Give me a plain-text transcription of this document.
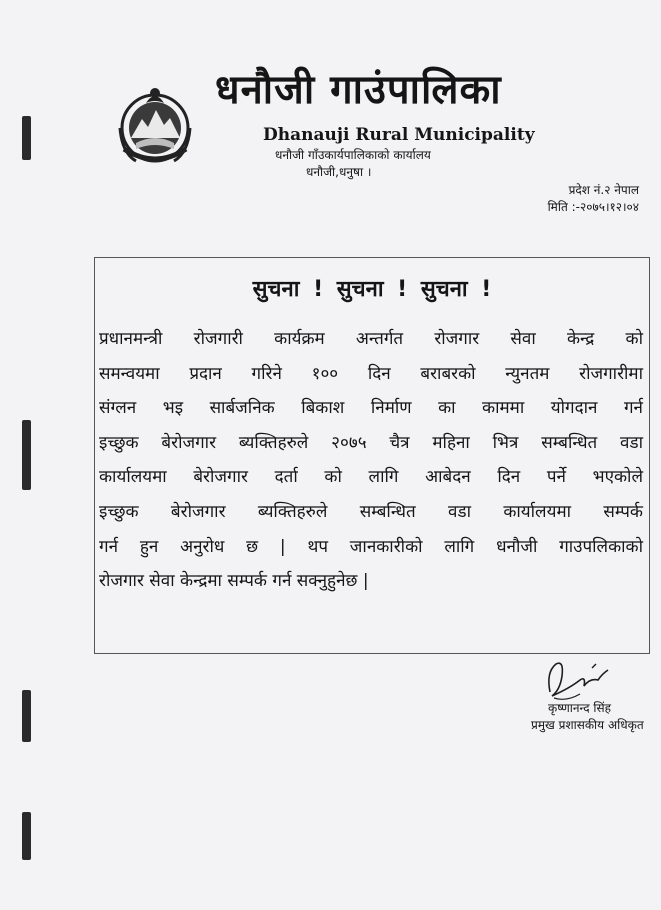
धनौजी गाउंपालिका
Dhanauji Rural Municipality
धनौजी गाँउकार्यपालिकाको कार्यालय
धनौजी,धनुषा ।
प्रदेश नं.२ नेपाल
मिति :-२०७५।१२।०४
सुचना ! सुचना ! सुचना !
प्रधानमन्त्री रोजगारी कार्यक्रम अन्तर्गत रोजगार सेवा केन्द्र को
समन्वयमा प्रदान गरिने १०० दिन बराबरको न्युनतम रोजगारीमा
संग्लन भइ सार्बजनिक बिकाश निर्माण का काममा योगदान गर्न
इच्छुक बेरोजगार ब्यक्तिहरुले २०७५ चैत्र महिना भित्र सम्बन्धित वडा
कार्यालयमा बेरोजगार दर्ता को लागि आबेदन दिन पर्ने भएकोले
इच्छुक बेरोजगार ब्यक्तिहरुले सम्बन्धित वडा कार्यालयमा सम्पर्क
गर्न हुन अनुरोध छ | थप जानकारीको लागि धनौजी गाउपलिकाको
रोजगार सेवा केन्द्रमा सम्पर्क गर्न सक्नुहुनेछ |
कृष्णानन्द सिंह
प्रमुख प्रशासकीय अधिकृत
